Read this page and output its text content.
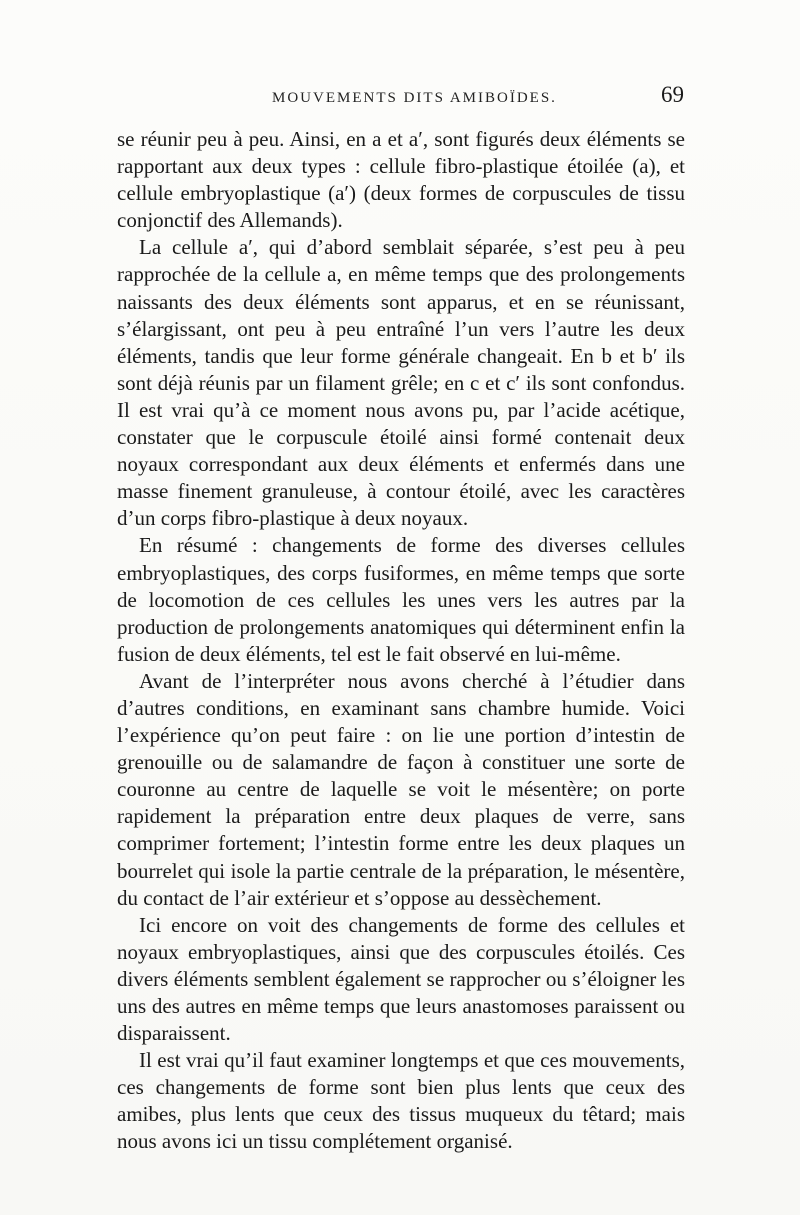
MOUVEMENTS DITS AMIBOÏDES.	69

se réunir peu à peu. Ainsi, en a et a′, sont figurés deux éléments se rapportant aux deux types : cellule fibro-plastique étoilée (a), et cellule embryoplastique (a′) (deux formes de corpuscules de tissu conjonctif des Allemands).

La cellule a′, qui d’abord semblait séparée, s’est peu à peu rapprochée de la cellule a, en même temps que des prolongements naissants des deux éléments sont apparus, et en se réunissant, s’élargissant, ont peu à peu entraîné l’un vers l’autre les deux éléments, tandis que leur forme générale changeait. En b et b′ ils sont déjà réunis par un filament grêle; en c et c′ ils sont confondus. Il est vrai qu’à ce moment nous avons pu, par l’acide acétique, constater que le corpuscule étoilé ainsi formé contenait deux noyaux correspondant aux deux éléments et enfermés dans une masse finement granuleuse, à contour étoilé, avec les caractères d’un corps fibro-plastique à deux noyaux.

En résumé : changements de forme des diverses cellules embryoplastiques, des corps fusiformes, en même temps que sorte de locomotion de ces cellules les unes vers les autres par la production de prolongements anatomiques qui déterminent enfin la fusion de deux éléments, tel est le fait observé en lui-même.

Avant de l’interpréter nous avons cherché à l’étudier dans d’autres conditions, en examinant sans chambre humide. Voici l’expérience qu’on peut faire : on lie une portion d’intestin de grenouille ou de salamandre de façon à constituer une sorte de couronne au centre de laquelle se voit le mésentère; on porte rapidement la préparation entre deux plaques de verre, sans comprimer fortement; l’intestin forme entre les deux plaques un bourrelet qui isole la partie centrale de la préparation, le mésentère, du contact de l’air extérieur et s’oppose au dessèchement.

Ici encore on voit des changements de forme des cellules et noyaux embryoplastiques, ainsi que des corpuscules étoilés. Ces divers éléments semblent également se rapprocher ou s’éloigner les uns des autres en même temps que leurs anastomoses paraissent ou disparaissent.

Il est vrai qu’il faut examiner longtemps et que ces mouvements, ces changements de forme sont bien plus lents que ceux des amibes, plus lents que ceux des tissus muqueux du têtard; mais nous avons ici un tissu complétement organisé.
